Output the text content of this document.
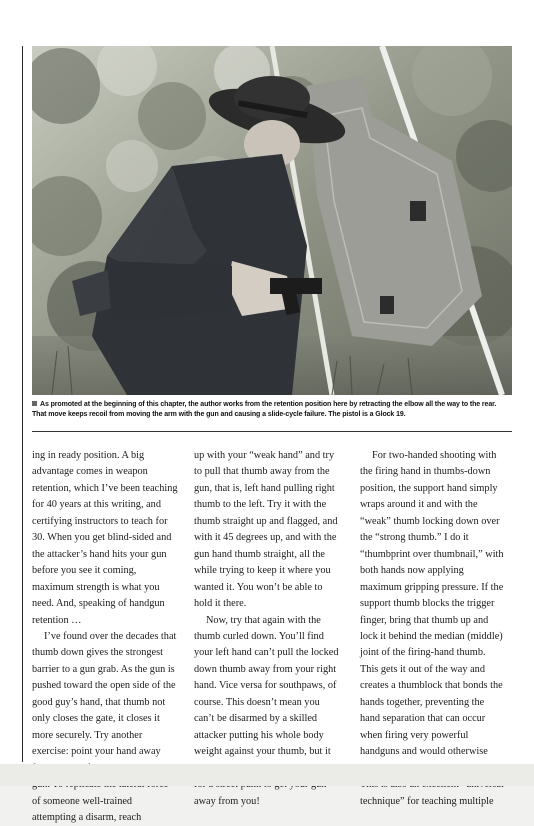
As promoted at the beginning of this chapter, the author works from the retention position here by retracting the elbow all the way to the rear. That move keeps recoil from moving the arm with the gun and causing a slide-cycle failure. The pistol is a Glock 19.

ing in ready position. A big advantage comes in weapon retention, which I’ve been teaching for 40 years at this writing, and certifying instructors to teach for 30. When you get blind-sided and the attacker’s hand hits your gun before you see it coming, maximum strength is what you need. And, speaking of handgun retention …

I’ve found over the decades that thumb down gives the strongest barrier to a gun grab. As the gun is pushed toward the open side of the good guy’s hand, that thumb not only closes the gate, it closes it more securely. Try another exercise: point your hand away of someone well-trained attempting a disarm, reach

up with your “weak hand” and try to pull that thumb away from the gun, that is, left hand pulling right thumb to the left. Try it with the thumb straight up and flagged, and with it 45 degrees up, and with the gun hand thumb straight, all the while trying to keep it where you wanted it. You won’t be able to hold it there.

Now, try that again with the thumb curled down. You’ll find your left hand can’t pull the locked down thumb away from your right hand. Vice versa for southpaws, of course. This doesn’t mean you can’t be disarmed by a skilled attacker putting his whole body weight against your thumb, but it away from you!

For two-handed shooting with the firing hand in thumbs-down position, the support hand simply wraps around it and with the “weak” thumb locking down over the “strong thumb.” I do it “thumbprint over thumbnail,” with both hands now applying maximum gripping pressure. If the support thumb blocks the trigger finger, bring that thumb up and lock it behind the median (middle) joint of the firing-hand thumb. This gets it out of the way and creates a thumblock that bonds the hands together, preventing the hand separation that can occur when firing very powerful handguns and would otherwise technique” for teaching multiple
